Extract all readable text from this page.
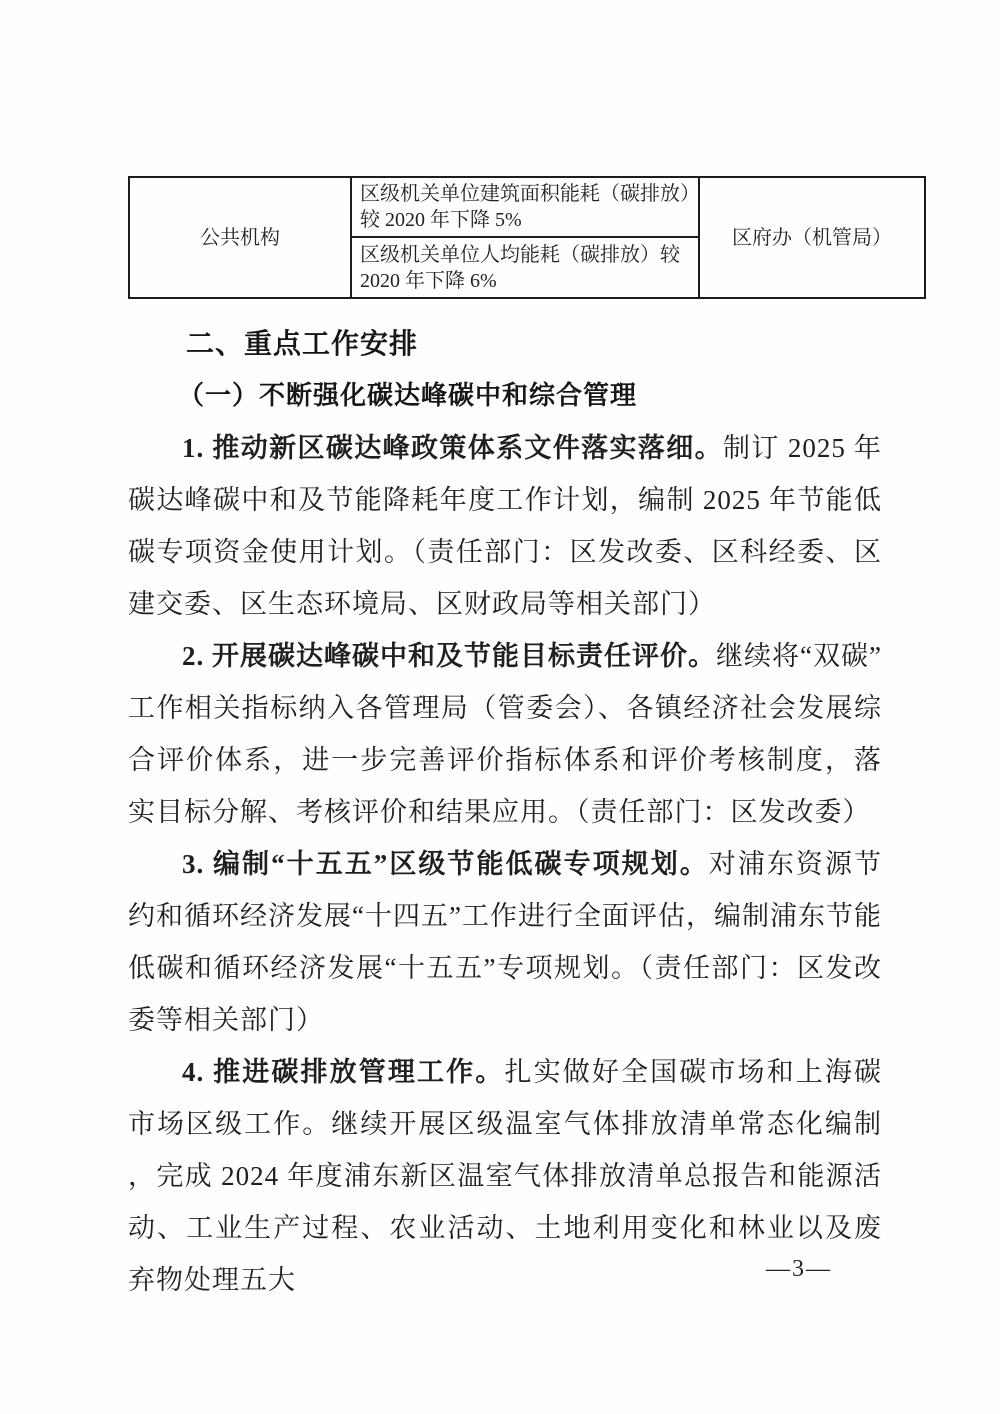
公共机构	区级机关单位建筑面积能耗（碳排放）较 2020 年下降 5%	区府办（机管局）
区级机关单位人均能耗（碳排放）较 2020 年下降 6%
二、重点工作安排
（一）不断强化碳达峰碳中和综合管理

1. 推动新区碳达峰政策体系文件落实落细。制订 2025 年碳达峰碳中和及节能降耗年度工作计划，编制 2025 年节能低碳专项资金使用计划。（责任部门：区发改委、区科经委、区建交委、区生态环境局、区财政局等相关部门）

2. 开展碳达峰碳中和及节能目标责任评价。继续将“双碳”工作相关指标纳入各管理局（管委会）、各镇经济社会发展综合评价体系，进一步完善评价指标体系和评价考核制度，落实目标分解、考核评价和结果应用。（责任部门：区发改委）

3. 编制“十五五”区级节能低碳专项规划。对浦东资源节约和循环经济发展“十四五”工作进行全面评估，编制浦东节能低碳和循环经济发展“十五五”专项规划。（责任部门：区发改委等相关部门）

4. 推进碳排放管理工作。扎实做好全国碳市场和上海碳市场区级工作。继续开展区级温室气体排放清单常态化编制，完成 2024 年度浦东新区温室气体排放清单总报告和能源活动、工业生产过程、农业活动、土地利用变化和林业以及废弃物处理五大	—3—
